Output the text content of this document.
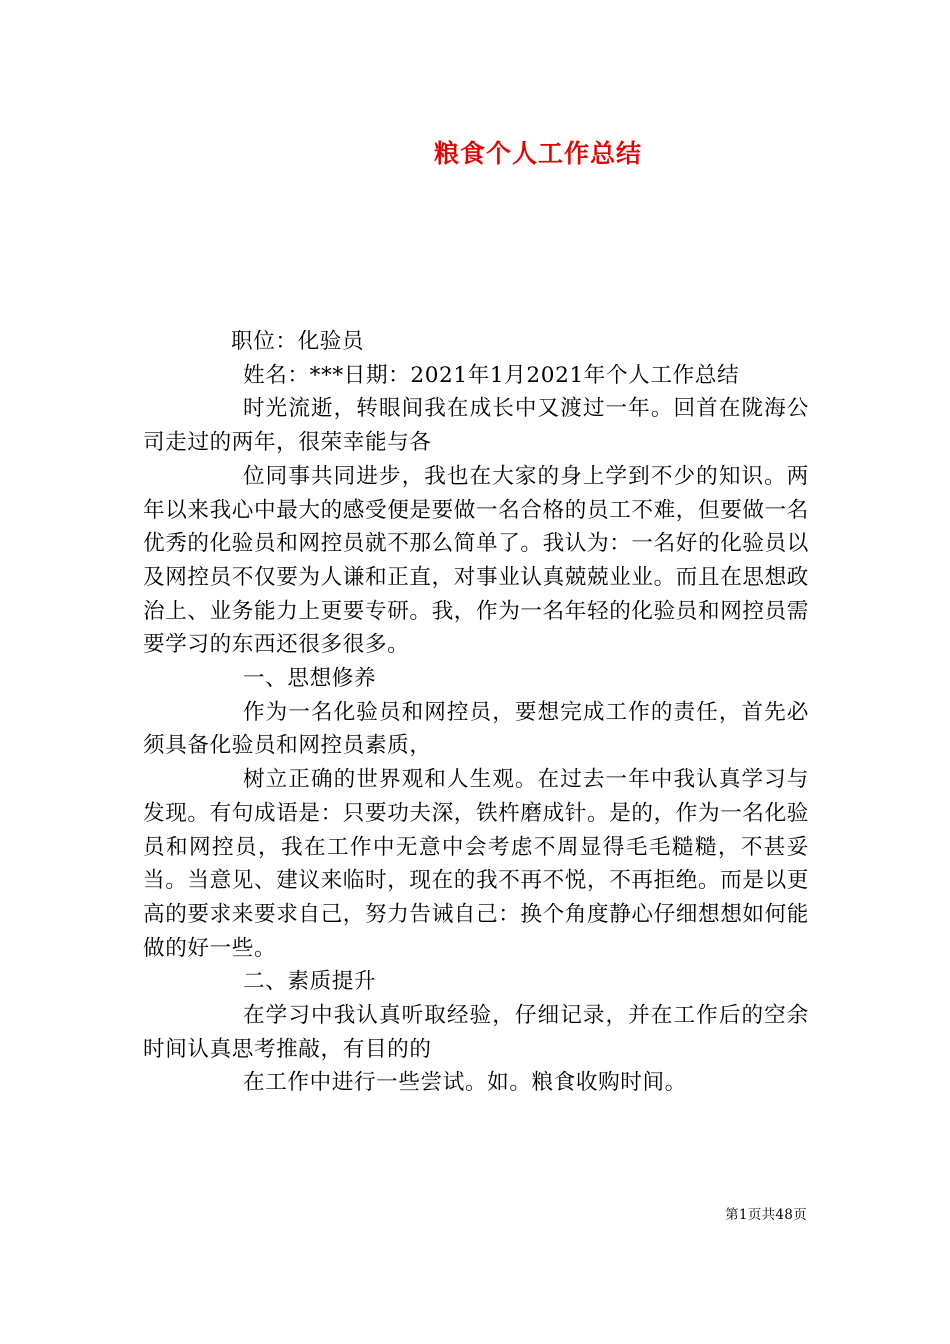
粮食个人工作总结

职位：化验员

姓名：***日期：2021年1月2021年个人工作总结

时光流逝，转眼间我在成长中又渡过一年。回首在陇海公司走过的两年，很荣幸能与各

位同事共同进步，我也在大家的身上学到不少的知识。两年以来我心中最大的感受便是要做一名合格的员工不难，但要做一名优秀的化验员和网控员就不那么简单了。我认为：一名好的化验员以及网控员不仅要为人谦和正直，对事业认真兢兢业业。而且在思想政治上、业务能力上更要专研。我，作为一名年轻的化验员和网控员需要学习的东西还很多很多。

一、思想修养

作为一名化验员和网控员，要想完成工作的责任，首先必须具备化验员和网控员素质，

树立正确的世界观和人生观。在过去一年中我认真学习与发现。有句成语是：只要功夫深，铁杵磨成针。是的，作为一名化验员和网控员，我在工作中无意中会考虑不周显得毛毛糙糙，不甚妥当。当意见、建议来临时，现在的我不再不悦，不再拒绝。而是以更高的要求来要求自己，努力告诫自己：换个角度静心仔细想想如何能做的好一些。

二、素质提升

在学习中我认真听取经验，仔细记录，并在工作后的空余时间认真思考推敲，有目的的

在工作中进行一些尝试。如。粮食收购时间。

第1页共48页
